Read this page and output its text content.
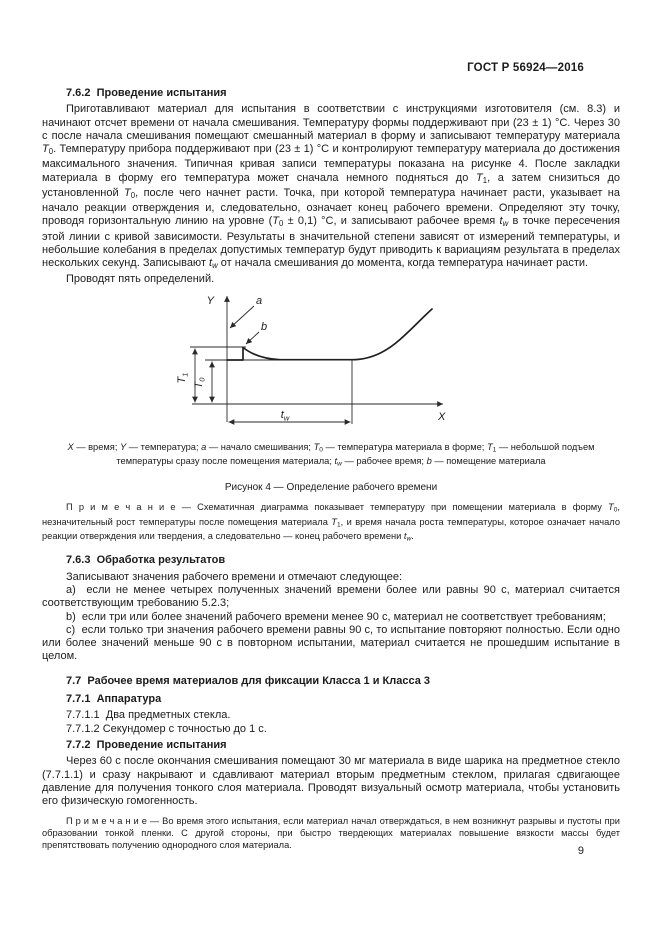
ГОСТ Р 56924—2016

7.6.2  Проведение испытания

Приготавливают материал для испытания в соответствии с инструкциями изготовителя (см. 8.3) и начинают отсчет времени от начала смешивания. Температуру формы поддерживают при (23 ± 1) °С. Через 30 с после начала смешивания помещают смешанный материал в форму и записывают температуру материала T0. Температуру прибора поддерживают при (23 ± 1) °С и контролируют температуру материала до достижения максимального значения. Типичная кривая записи температуры показана на рисунке 4. После закладки материала в форму его температура может сначала немного подняться до T1, а затем снизиться до установленной T0, после чего начнет расти. Точка, при которой температура начинает расти, указывает на начало реакции отверждения и, следовательно, означает конец рабочего времени. Определяют эту точку, проводя горизонтальную линию на уровне (T0 ± 0,1) °С, и записывают рабочее время tw в точке пересечения этой линии с кривой зависимости. Результаты в значительной степени зависят от измерений температуры, и небольшие колебания в пределах допустимых температур будут приводить к вариациям результата в пределах нескольких секунд. Записывают tw от начала смешивания до момента, когда температура начинает расти.

Проводят пять определений.

Y
X
a
b
$T_1$
$T_0$
$t_w$
X — время; Y — температура; a — начало смешивания; T0 — температура материала в форме; T1 — небольшой подъем температуры сразу после помещения материала; tw — рабочее время; b — помещение материала
Рисунок 4 — Определение рабочего времени

П р и м е ч а н и е — Схематичная диаграмма показывает температуру при помещении материала в форму T0, незначительный рост температуры после помещения материала T1, и время начала роста температуры, которое означает начало реакции отверждения или твердения, а следовательно — конец рабочего времени tw.

7.6.3  Обработка результатов

Записывают значения рабочего времени и отмечают следующее:

a)  если не менее четырех полученных значений времени более или равны 90 с, материал считается соответствующим требованию 5.2.3;

b)  если три или более значений рабочего времени менее 90 с, материал не соответствует требованиям;

c)  если только три значения рабочего времени равны 90 с, то испытание повторяют полностью. Если одно или более значений меньше 90 с в повторном испытании, материал считается не прошедшим испытание в целом.

7.7  Рабочее время материалов для фиксации Класса 1 и Класса 3

7.7.1  Аппаратура

7.7.1.1  Два предметных стекла.

7.7.1.2 Секундомер с точностью до 1 с.

7.7.2  Проведение испытания

Через 60 с после окончания смешивания помещают 30 мг материала в виде шарика на предметное стекло (7.7.1.1) и сразу накрывают и сдавливают материал вторым предметным стеклом, прилагая сдвигающее давление для получения тонкого слоя материала. Проводят визуальный осмотр материала, чтобы установить его физическую гомогенность.

П р и м е ч а н и е — Во время этого испытания, если материал начал отверждаться, в нем возникнут разрывы и пустоты при образовании тонкой пленки. С другой стороны, при быстро твердеющих материалах повышение вязкости массы будет препятствовать получению однородного слоя материала.

9
